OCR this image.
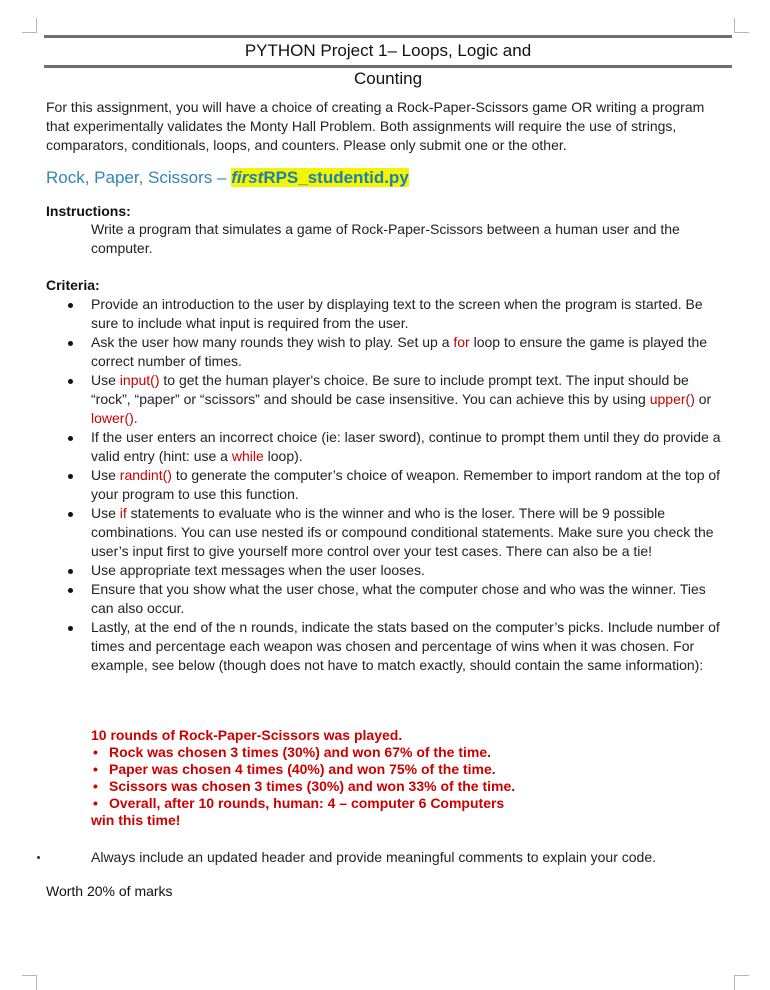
PYTHON Project 1– Loops, Logic and
Counting

For this assignment, you will have a choice of creating a Rock-Paper-Scissors game OR writing a program that experimentally validates the Monty Hall Problem. Both assignments will require the use of strings, comparators, conditionals, loops, and counters. Please only submit one or the other.

Rock, Paper, Scissors – firstRPS_studentid.py
Instructions:

Write a program that simulates a game of Rock-Paper-Scissors between a human user and the computer.

Criteria:
Provide an introduction to the user by displaying text to the screen when the program is started. Be sure to include what input is required from the user.
Ask the user how many rounds they wish to play. Set up a for loop to ensure the game is played the correct number of times.
Use input() to get the human player's choice. Be sure to include prompt text. The input should be “rock”, “paper” or “scissors” and should be case insensitive. You can achieve this by using upper() or lower().
If the user enters an incorrect choice (ie: laser sword), continue to prompt them until they do provide a valid entry (hint: use a while loop).
Use randint() to generate the computer’s choice of weapon. Remember to import random at the top of your program to use this function.
Use if statements to evaluate who is the winner and who is the loser. There will be 9 possible combinations. You can use nested ifs or compound conditional statements. Make sure you check the user’s input first to give yourself more control over your test cases. There can also be a tie!
Use appropriate text messages when the user looses.
Ensure that you show what the user chose, what the computer chose and who was the winner. Ties can also occur.
Lastly, at the end of the n rounds, indicate the stats based on the computer’s picks. Include number of times and percentage each weapon was chosen and percentage of wins when it was chosen. For example, see below (though does not have to match exactly, should contain the same information):
10 rounds of Rock-Paper-Scissors was played.
• Rock was chosen 3 times (30%) and won 67% of the time.
• Paper was chosen 4 times (40%) and won 75% of the time.
• Scissors was chosen 3 times (30%) and won 33% of the time.
• Overall, after 10 rounds, human: 4 – computer 6 Computers
win this time!
Always include an updated header and provide meaningful comments to explain your code.
Worth 20% of marks
